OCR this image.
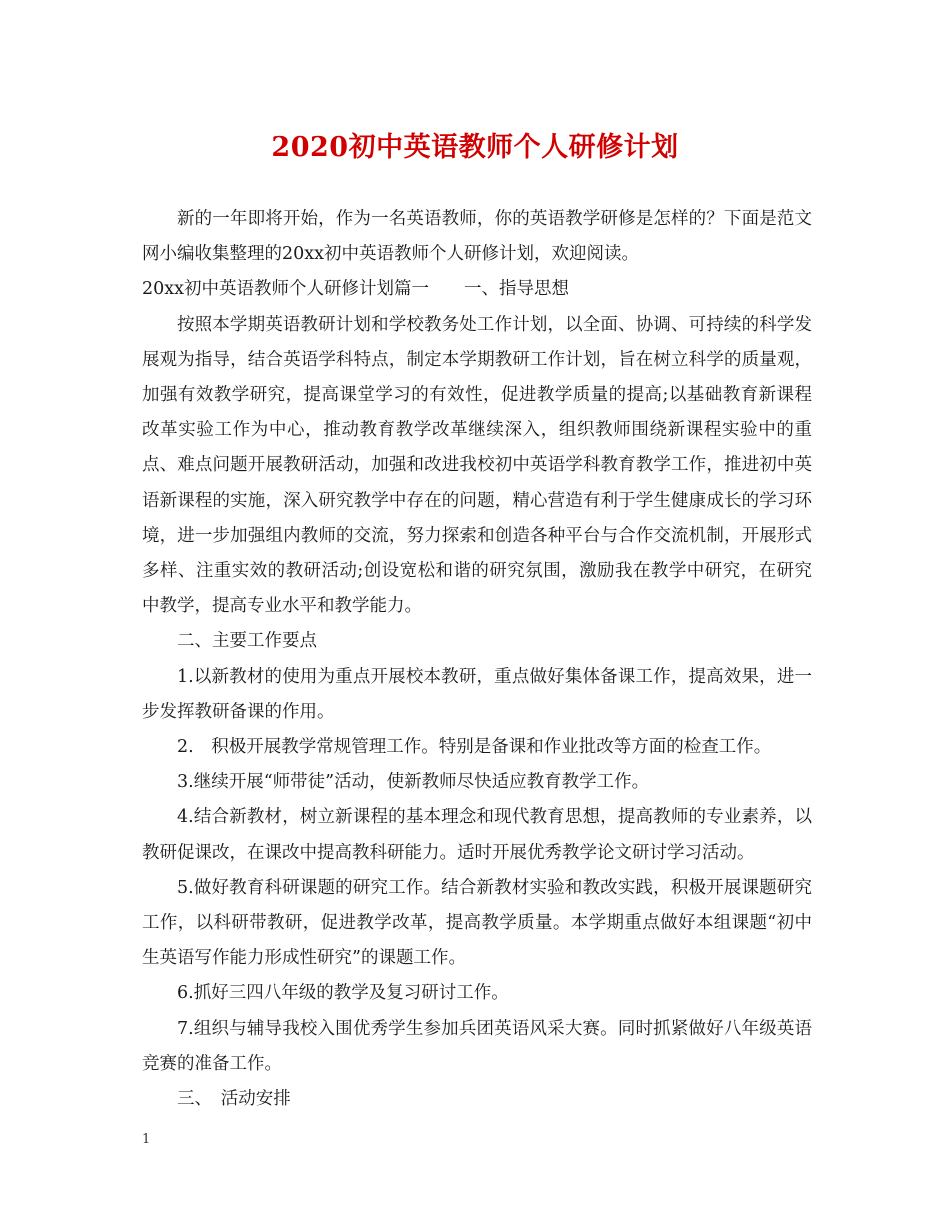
2020初中英语教师个人研修计划

新的一年即将开始，作为一名英语教师，你的英语教学研修是怎样的？下面是范文网小编收集整理的20xx初中英语教师个人研修计划，欢迎阅读。

20xx初中英语教师个人研修计划篇一　　一、指导思想

按照本学期英语教研计划和学校教务处工作计划，以全面、协调、可持续的科学发展观为指导，结合英语学科特点，制定本学期教研工作计划，旨在树立科学的质量观，加强有效教学研究，提高课堂学习的有效性，促进教学质量的提高;以基础教育新课程改革实验工作为中心，推动教育教学改革继续深入，组织教师围绕新课程实验中的重点、难点问题开展教研活动，加强和改进我校初中英语学科教育教学工作，推进初中英语新课程的实施，深入研究教学中存在的问题，精心营造有利于学生健康成长的学习环境，进一步加强组内教师的交流，努力探索和创造各种平台与合作交流机制，开展形式多样、注重实效的教研活动;创设宽松和谐的研究氛围，激励我在教学中研究，在研究中教学，提高专业水平和教学能力。

二、主要工作要点

1.以新教材的使用为重点开展校本教研，重点做好集体备课工作，提高效果，进一步发挥教研备课的作用。

2.　积极开展教学常规管理工作。特别是备课和作业批改等方面的检查工作。

3.继续开展“师带徒”活动，使新教师尽快适应教育教学工作。

4.结合新教材，树立新课程的基本理念和现代教育思想，提高教师的专业素养，以教研促课改，在课改中提高教科研能力。适时开展优秀教学论文研讨学习活动。

5.做好教育科研课题的研究工作。结合新教材实验和教改实践，积极开展课题研究工作，以科研带教研，促进教学改革，提高教学质量。本学期重点做好本组课题“初中生英语写作能力形成性研究”的课题工作。

6.抓好三四八年级的教学及复习研讨工作。

7.组织与辅导我校入围优秀学生参加兵团英语风采大赛。同时抓紧做好八年级英语竞赛的准备工作。

三、　活动安排

1
